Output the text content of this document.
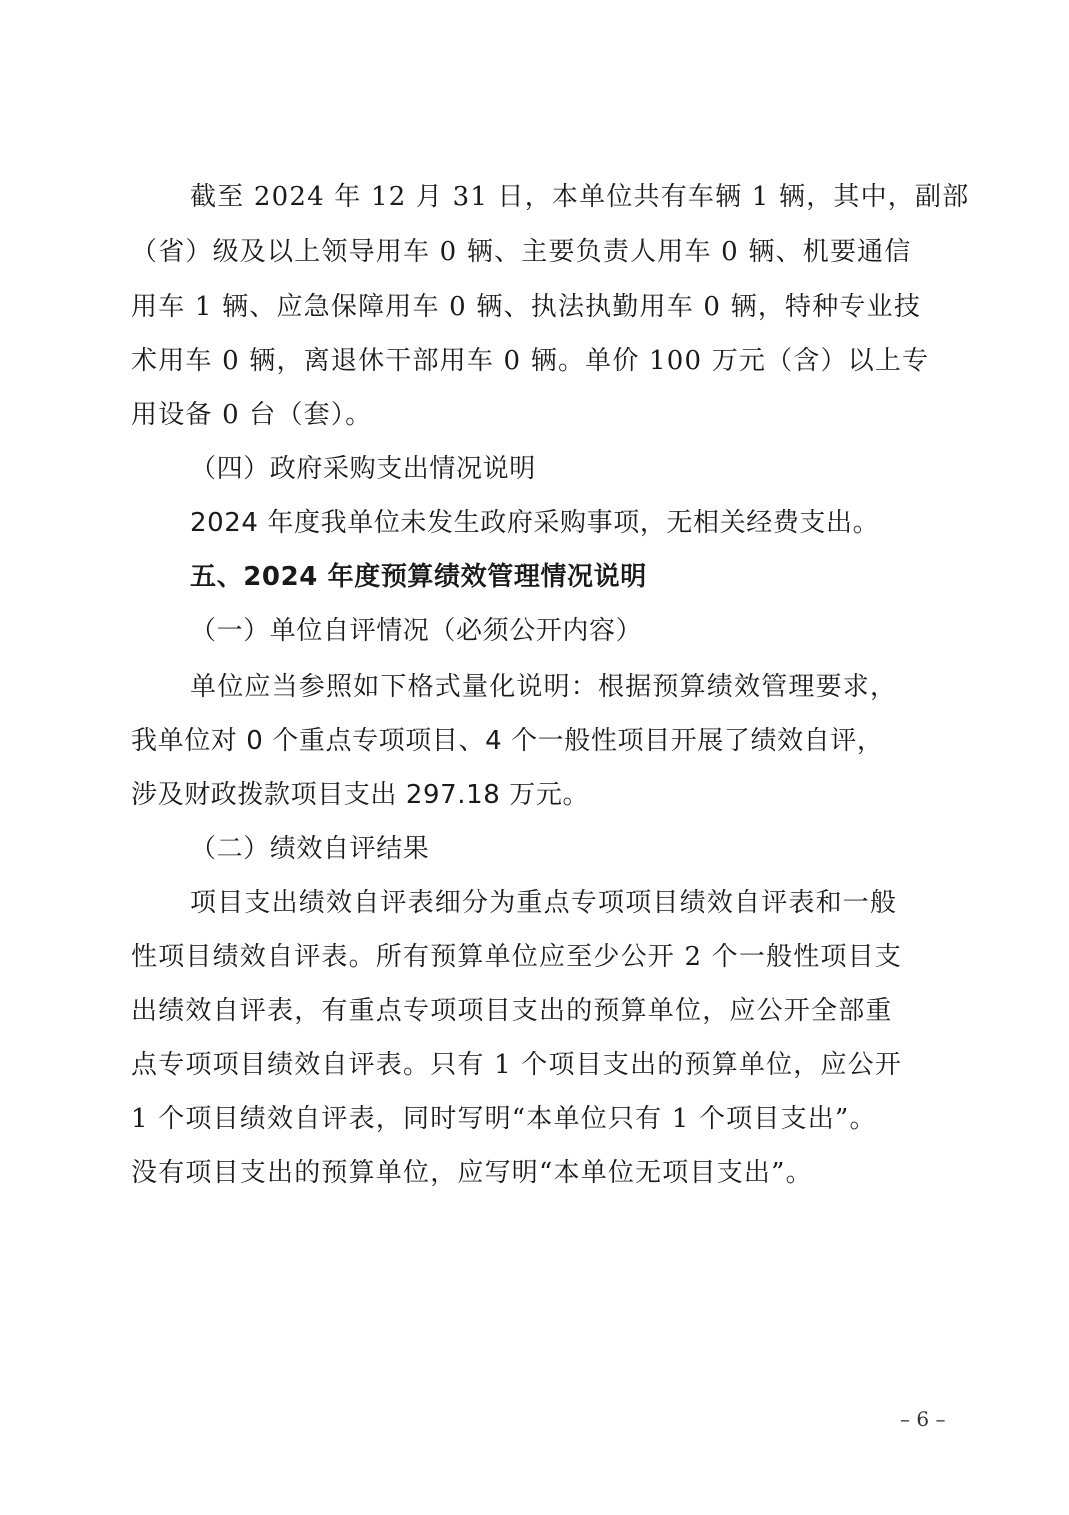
截至 2024 年 12 月 31 日，本单位共有车辆 1 辆，其中，副部
（省）级及以上领导用车 0 辆、主要负责人用车 0 辆、机要通信
用车 1 辆、应急保障用车 0 辆、执法执勤用车 0 辆，特种专业技
术用车 0 辆，离退休干部用车 0 辆。单价 100 万元（含）以上专
用设备 0 台（套）。
（四）政府采购支出情况说明
2024 年度我单位未发生政府采购事项，无相关经费支出。
五、2024 年度预算绩效管理情况说明
（一）单位自评情况（必须公开内容）
单位应当参照如下格式量化说明：根据预算绩效管理要求，
我单位对 0 个重点专项项目、4 个一般性项目开展了绩效自评，
涉及财政拨款项目支出 297.18 万元。
（二）绩效自评结果
项目支出绩效自评表细分为重点专项项目绩效自评表和一般
性项目绩效自评表。所有预算单位应至少公开 2 个一般性项目支
出绩效自评表，有重点专项项目支出的预算单位，应公开全部重
点专项项目绩效自评表。只有 1 个项目支出的预算单位，应公开
1 个项目绩效自评表，同时写明“本单位只有 1 个项目支出”。
没有项目支出的预算单位，应写明“本单位无项目支出”。
– 6 –
